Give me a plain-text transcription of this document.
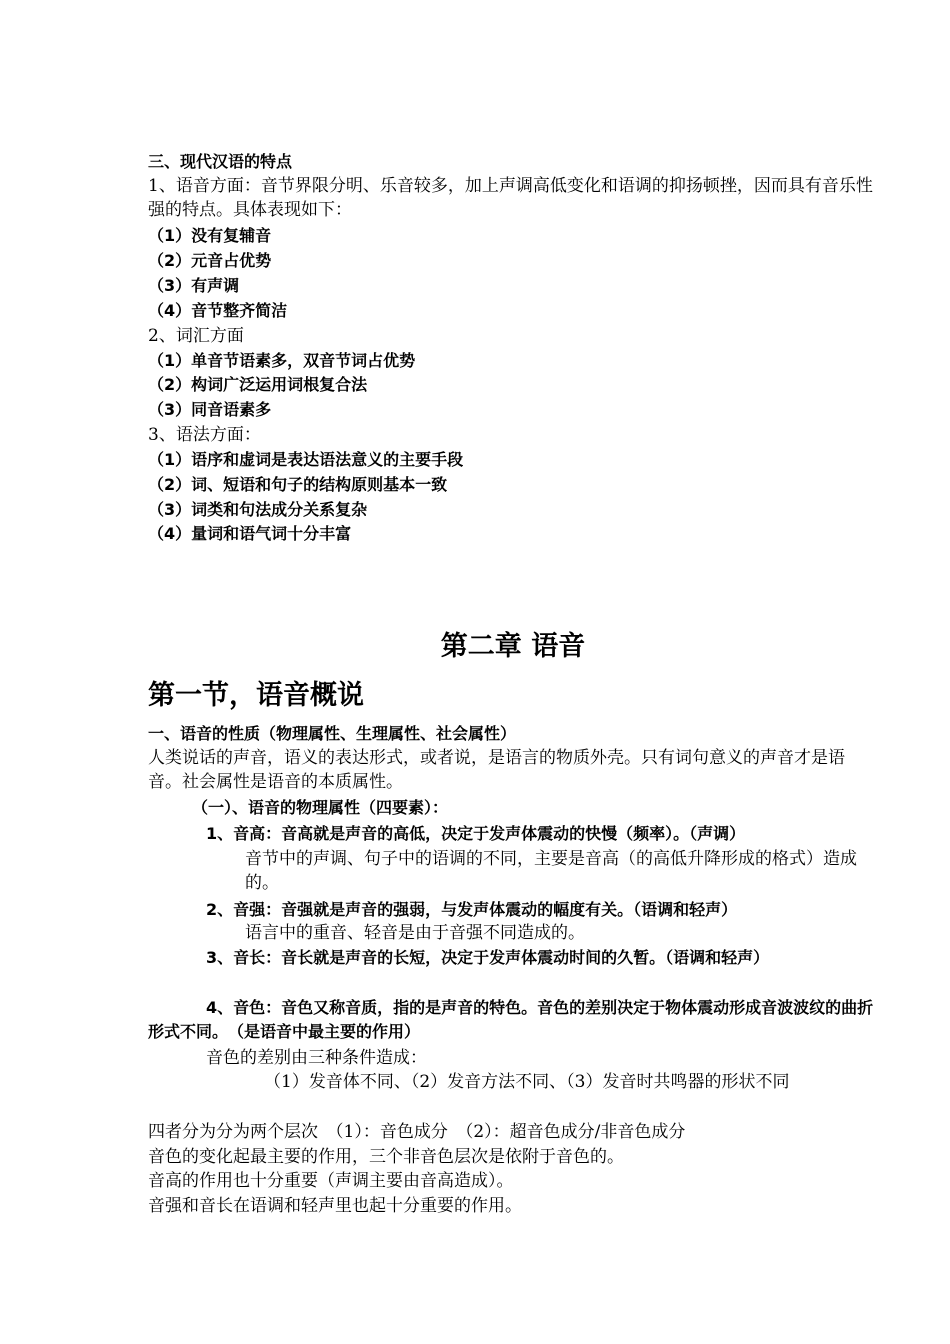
三、现代汉语的特点
1、语音方面：音节界限分明、乐音较多，加上声调高低变化和语调的抑扬顿挫，因而具有音乐性强的特点。具体表现如下：
（1）没有复辅音
（2）元音占优势
（3）有声调
（4）音节整齐简洁
2、词汇方面
（1）单音节语素多，双音节词占优势
（2）构词广泛运用词根复合法
（3）同音语素多
3、语法方面：
（1）语序和虚词是表达语法意义的主要手段
（2）词、短语和句子的结构原则基本一致
（3）词类和句法成分关系复杂
（4）量词和语气词十分丰富
第二章 语音
第一节，语音概说
一、语音的性质（物理属性、生理属性、社会属性）
人类说话的声音，语义的表达形式，或者说，是语言的物质外壳。只有词句意义的声音才是语音。社会属性是语音的本质属性。
（一）、语音的物理属性（四要素）：
1、音高：音高就是声音的高低，决定于发声体震动的快慢（频率）。（声调）
音节中的声调、句子中的语调的不同，主要是音高（的高低升降形成的格式）造成的。
2、音强：音强就是声音的强弱，与发声体震动的幅度有关。（语调和轻声）
语言中的重音、轻音是由于音强不同造成的。
3、音长：音长就是声音的长短，决定于发声体震动时间的久暂。（语调和轻声）
4、音色：音色又称音质，指的是声音的特色。音色的差别决定于物体震动形成音波波纹的曲折形式不同。　（是语音中最主要的作用）
音色的差别由三种条件造成：
（1）发音体不同、（2）发音方法不同、（3）发音时共鸣器的形状不同
四者分为分为两个层次　（1）：音色成分　（2）：超音色成分/非音色成分
音色的变化起最主要的作用，三个非音色层次是依附于音色的。
音高的作用也十分重要（声调主要由音高造成）。
音强和音长在语调和轻声里也起十分重要的作用。
